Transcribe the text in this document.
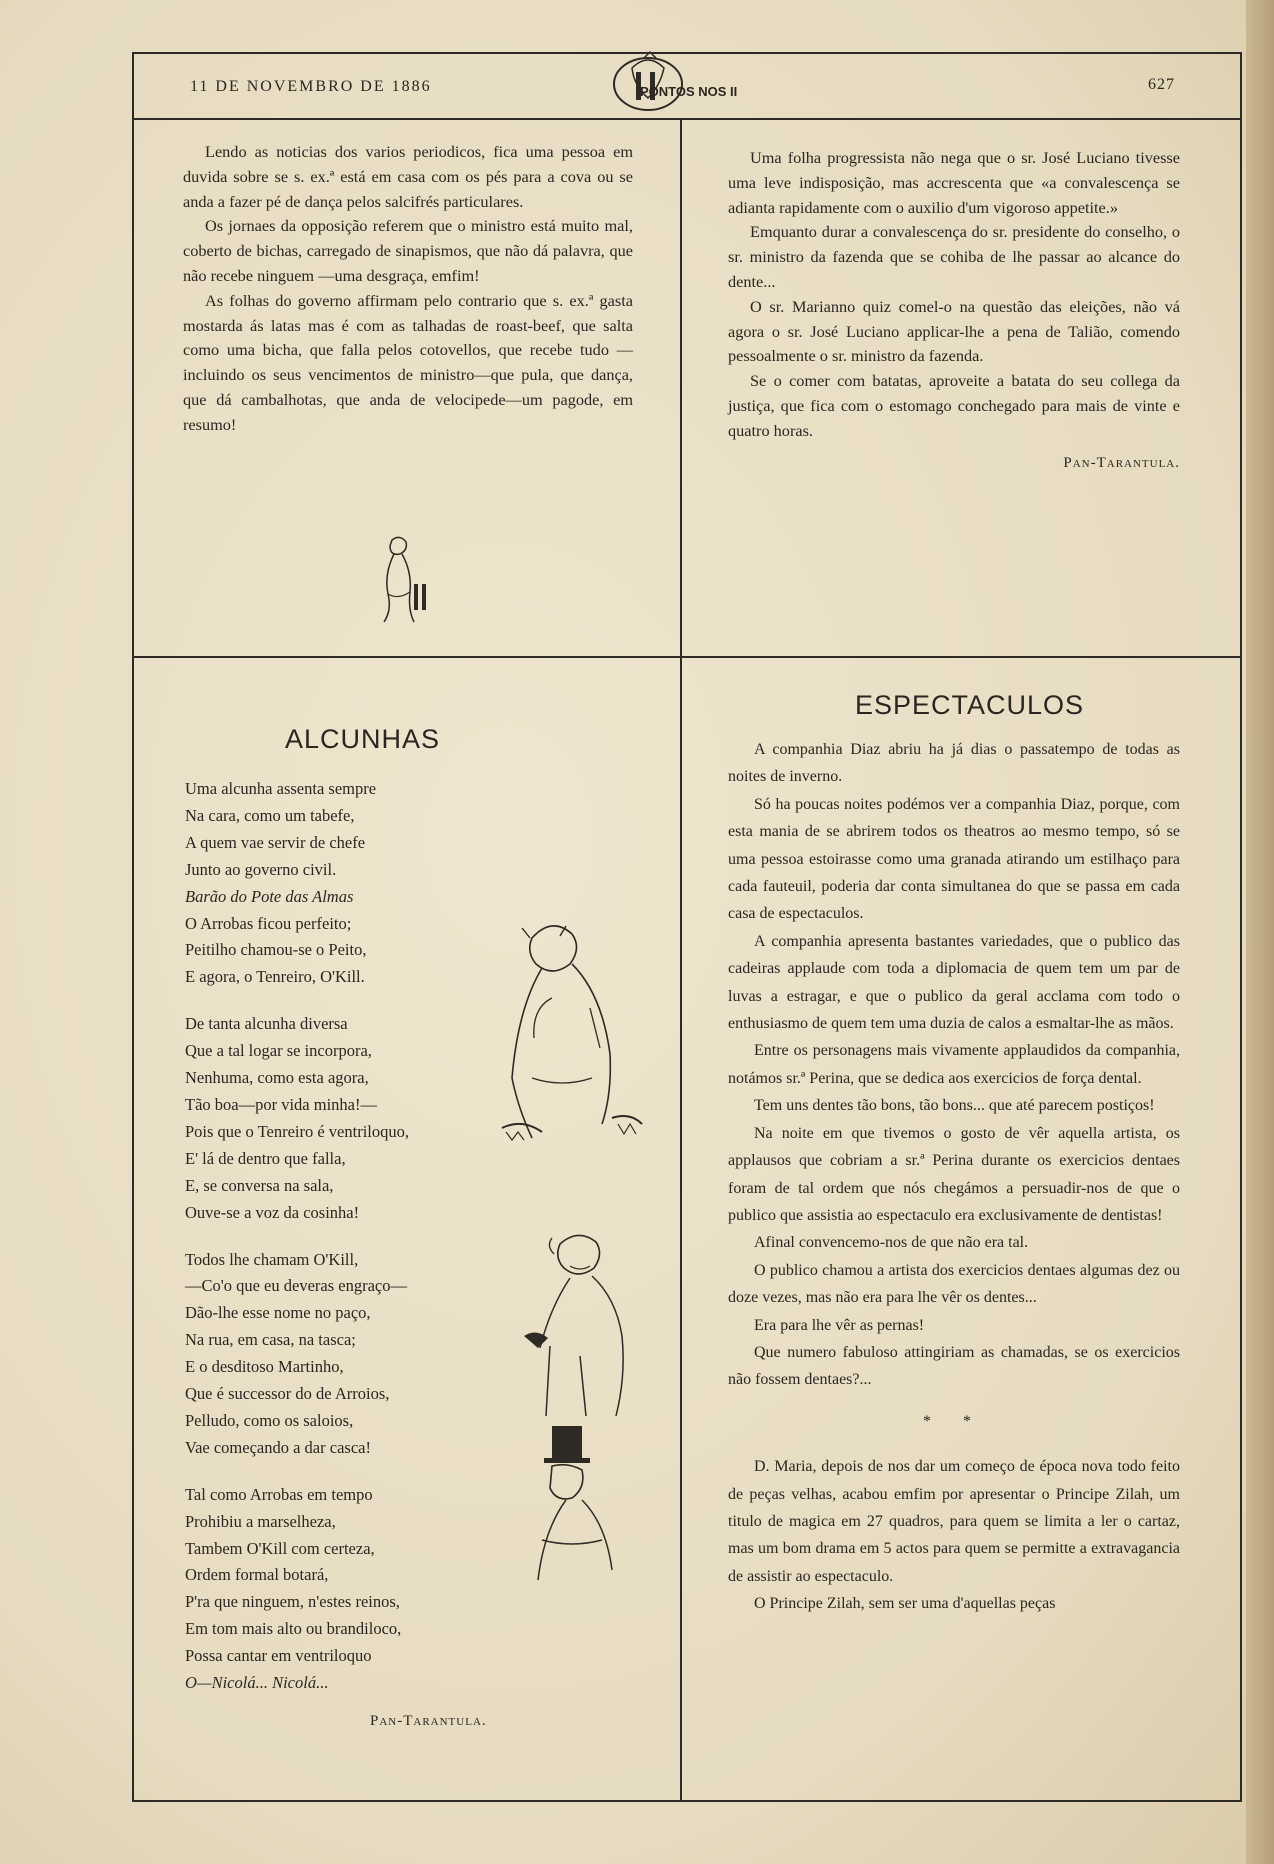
11 DE NOVEMBRO DE 1886	627
PONTOS NOS II

Lendo as noticias dos varios periodicos, fica uma pessoa em duvida sobre se s. ex.ª está em casa com os pés para a cova ou se anda a fazer pé de dança pelos salcifrés particulares.

Os jornaes da opposição referem que o ministro está muito mal, coberto de bichas, carregado de sinapismos, que não dá palavra, que não recebe ninguem —uma desgraça, emfim!

As folhas do governo affirmam pelo contrario que s. ex.ª gasta mostarda ás latas mas é com as talhadas de roast-beef, que salta como uma bicha, que falla pelos cotovellos, que recebe tudo — incluindo os seus vencimentos de ministro—que pula, que dança, que dá cambalhotas, que anda de velocipede—um pagode, em resumo!

Uma folha progressista não nega que o sr. José Luciano tivesse uma leve indisposição, mas accrescenta que «a convalescença se adianta rapidamente com o auxilio d'um vigoroso appetite.»

Emquanto durar a convalescença do sr. presidente do conselho, o sr. ministro da fazenda que se cohiba de lhe passar ao alcance do dente...

O sr. Marianno quiz comel-o na questão das eleições, não vá agora o sr. José Luciano applicar-lhe a pena de Talião, comendo pessoalmente o sr. ministro da fazenda.

Se o comer com batatas, aproveite a batata do seu collega da justiça, que fica com o estomago conchegado para mais de vinte e quatro horas.

Pan-Tarantula.

ALCUNHAS
Uma alcunha assenta sempre
Na cara, como um tabefe,
A quem vae servir de chefe
Junto ao governo civil.
Barão do Pote das Almas
O Arrobas ficou perfeito;
Peitilho chamou-se o Peito,
E agora, o Tenreiro, O'Kill.
De tanta alcunha diversa
Que a tal logar se incorpora,
Nenhuma, como esta agora,
Tão boa—por vida minha!—
Pois que o Tenreiro é ventriloquo,
E' lá de dentro que falla,
E, se conversa na sala,
Ouve-se a voz da cosinha!
Todos lhe chamam O'Kill,
—Co'o que eu deveras engraço—
Dão-lhe esse nome no paço,
Na rua, em casa, na tasca;
E o desditoso Martinho,
Que é successor do de Arroios,
Pelludo, como os saloios,
Vae começando a dar casca!
Tal como Arrobas em tempo
Prohibiu a marselheza,
Tambem O'Kill com certeza,
Ordem formal botará,
P'ra que ninguem, n'estes reinos,
Em tom mais alto ou brandiloco,
Possa cantar em ventriloquo
O—Nicolá... Nicolá...
Pan-Tarantula.
ESPECTACULOS

A companhia Diaz abriu ha já dias o passatempo de todas as noites de inverno.

Só ha poucas noites podémos ver a companhia Diaz, porque, com esta mania de se abrirem todos os theatros ao mesmo tempo, só se uma pessoa estoirasse como uma granada atirando um estilhaço para cada fauteuil, poderia dar conta simultanea do que se passa em cada casa de espectaculos.

A companhia apresenta bastantes variedades, que o publico das cadeiras applaude com toda a diplomacia de quem tem um par de luvas a estragar, e que o publico da geral acclama com todo o enthusiasmo de quem tem uma duzia de calos a esmaltar-lhe as mãos.

Entre os personagens mais vivamente applaudidos da companhia, notámos sr.ª Perina, que se dedica aos exercicios de força dental.

Tem uns dentes tão bons, tão bons... que até parecem postiços!

Na noite em que tivemos o gosto de vêr aquella artista, os applausos que cobriam a sr.ª Perina durante os exercicios dentaes foram de tal ordem que nós chegámos a persuadir-nos de que o publico que assistia ao espectaculo era exclusivamente de dentistas!

Afinal convencemo-nos de que não era tal.

O publico chamou a artista dos exercicios dentaes algumas dez ou doze vezes, mas não era para lhe vêr os dentes...

Era para lhe vêr as pernas!

Que numero fabuloso attingiriam as chamadas, se os exercicios não fossem dentaes?...

* *

D. Maria, depois de nos dar um começo de época nova todo feito de peças velhas, acabou emfim por apresentar o Principe Zilah, um titulo de magica em 27 quadros, para quem se limita a ler o cartaz, mas um bom drama em 5 actos para quem se permitte a extravagancia de assistir ao espectaculo.

O Principe Zilah, sem ser uma d'aquellas peças
